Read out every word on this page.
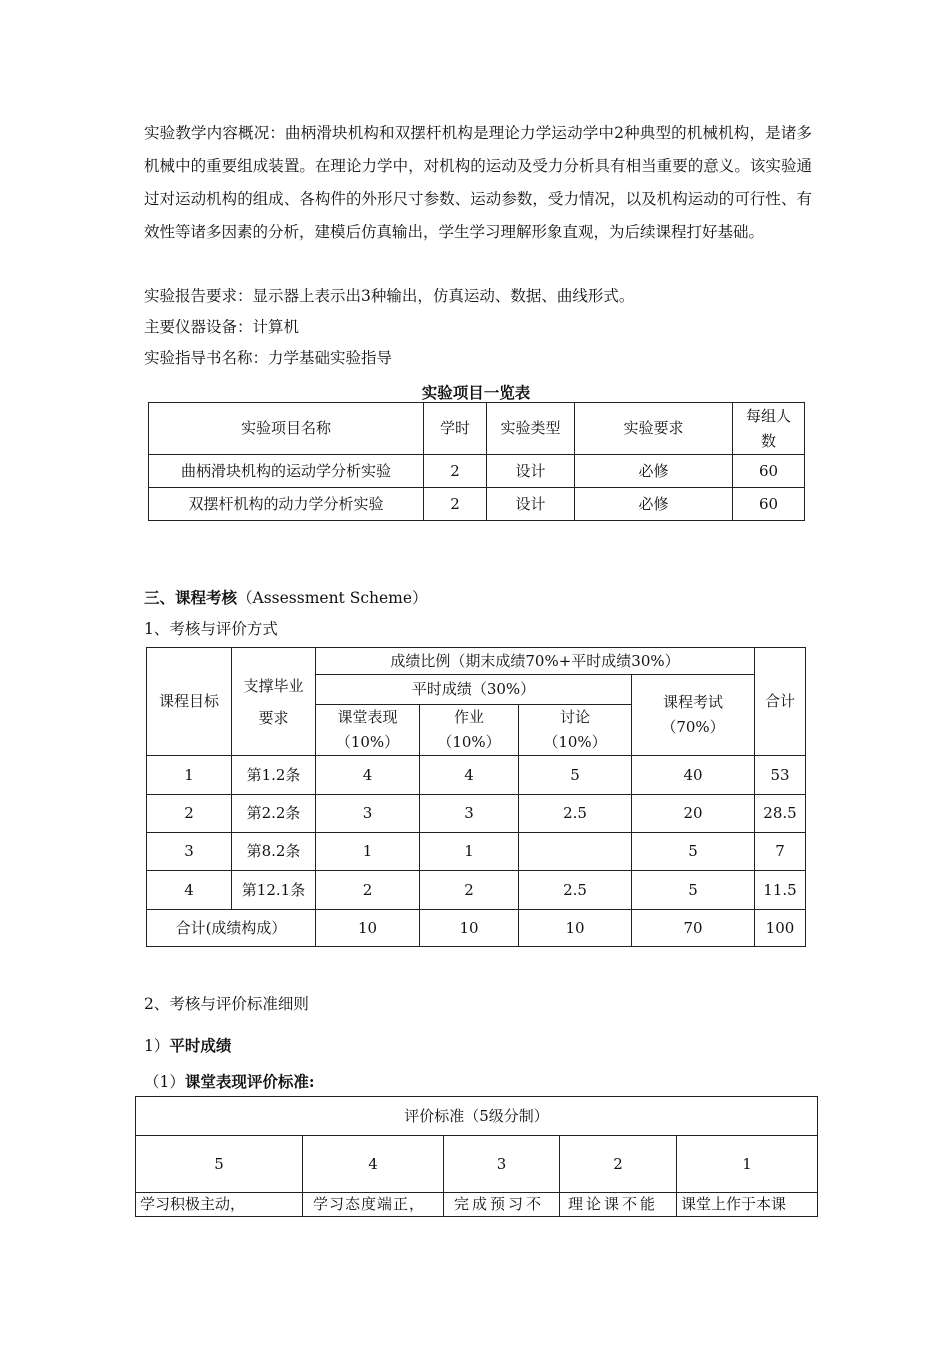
实验教学内容概况：曲柄滑块机构和双摆杆机构是理论力学运动学中2种典型的机械机构，是诸多机械中的重要组成装置。在理论力学中，对机构的运动及受力分析具有相当重要的意义。该实验通过对运动机构的组成、各构件的外形尺寸参数、运动参数，受力情况，以及机构运动的可行性、有效性等诸多因素的分析，建模后仿真输出，学生学习理解形象直观，为后续课程打好基础。

实验报告要求：显示器上表示出3种输出，仿真运动、数据、曲线形式。
主要仪器设备：计算机
实验指导书名称：力学基础实验指导
实验项目一览表
实验项目名称	学时	实验类型	实验要求	每组人数
曲柄滑块机构的运动学分析实验	2	设计	必修	60
双摆杆机构的动力学分析实验	2	设计	必修	60
三、课程考核（Assessment Scheme）
1、考核与评价方式
课程目标	支撑毕业要求	成绩比例（期末成绩70%+平时成绩30%）				合计
		平时成绩（30%）			课程考试（70%）	
		课堂表现（10%）	作业（10%）	讨论（10%）		
1	第1.2条	4	4	5	40	53
2	第2.2条	3	3	2.5	20	28.5
3	第8.2条	1	1		5	7
4	第12.1条	2	2	2.5	5	11.5
合计(成绩构成）		10	10	10	70	100
2、考核与评价标准细则
1）平时成绩
（1）课堂表现评价标准:
评价标准（5级分制）				
5	4	3	2	1
学习积极主动，	学习态度端正，	完成预习不	理论课不能	课堂上作于本课
